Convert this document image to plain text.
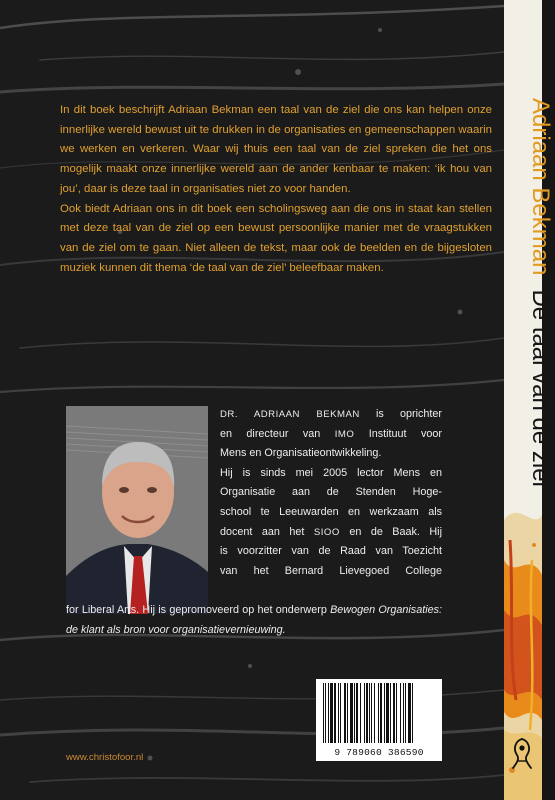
In dit boek beschrijft Adriaan Bekman een taal van de ziel die ons kan helpen onze innerlijke wereld bewust uit te drukken in de organisaties en gemeenschappen waarin we werken en verkeren. Waar wij thuis een taal van de ziel spreken die het ons mogelijk maakt onze innerlijke wereld aan de ander kenbaar te maken: ‘ik hou van jou’, daar is deze taal in organisaties niet zo voor handen.

Ook biedt Adriaan ons in dit boek een scholingsweg aan die ons in staat kan stellen met deze taal van de ziel op een bewust persoonlijke manier met de vraagstukken van de ziel om te gaan. Niet alleen de tekst, maar ook de beelden en de bijgesloten muziek kunnen dit thema ‘de taal van de ziel’ beleefbaar maken.

DR. ADRIAAN BEKMAN is oprichter

en directeur van IMO Instituut voor

Mens en Organisatieontwikkeling.

Hij is sinds mei 2005 lector Mens en

Organisatie aan de Stenden Hoge-

school te Leeuwarden en werkzaam als

docent aan het SIOO en de Baak. Hij

is voorzitter van de Raad van Toezicht

van het Bernard Lievegoed College

for Liberal Arts. Hij is gepromoveerd op het onderwerp Bewogen Organisaties: de klant als bron voor organisatievernieuwing.

9 789060 386590
www.christofoor.nl
Adriaan BekmanDe taal van de ziel
